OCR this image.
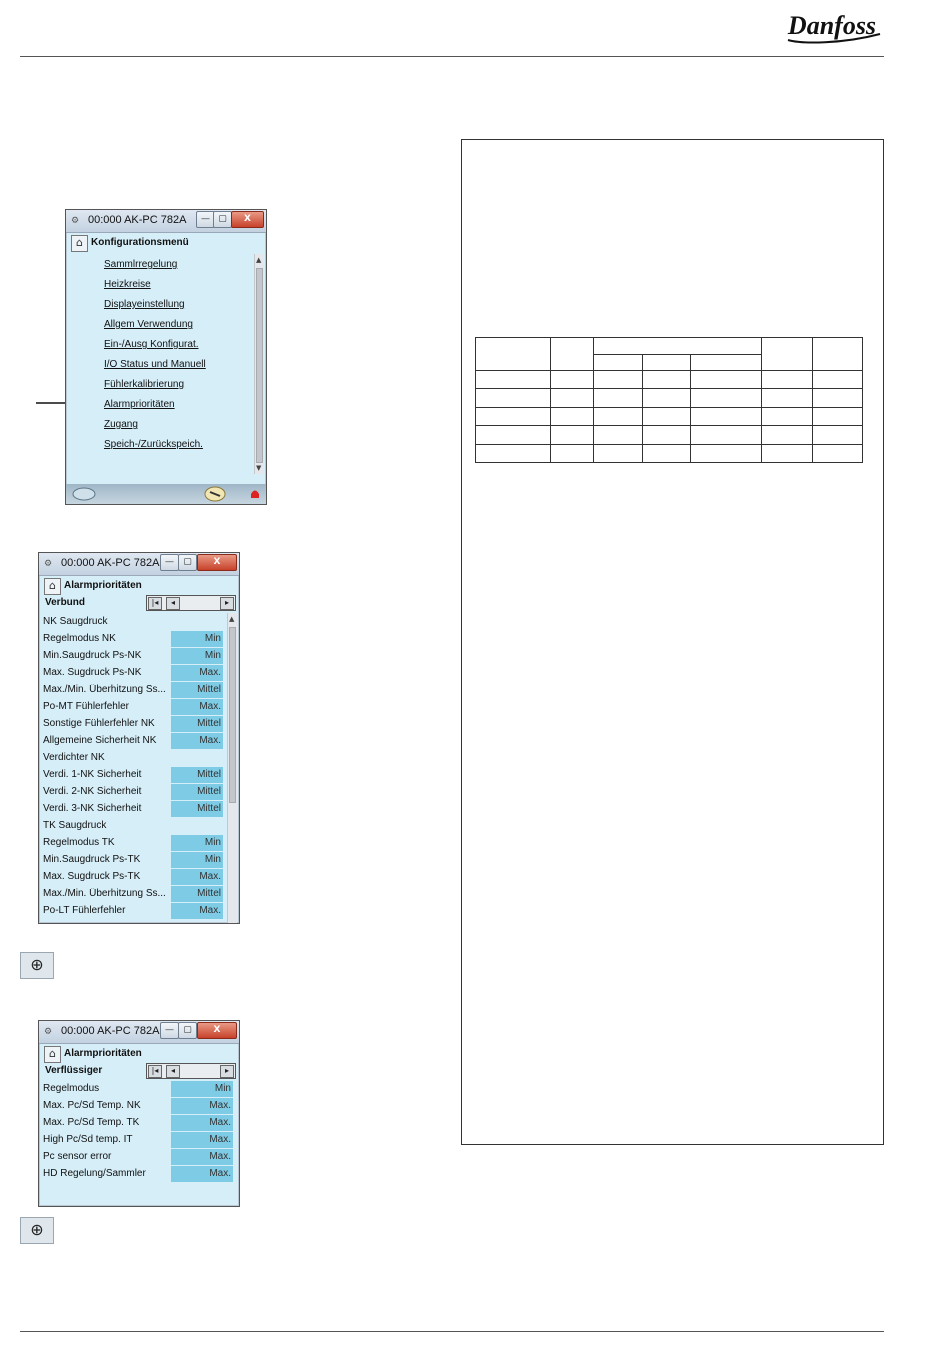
Danfoss
⚙ 00:000 AK-PC 782A	— ▢	X
⌂ Konfigurationsmenü
Sammlrregelung
Heizkreise
Displayeinstellung
Allgem Verwendung
Ein-/Ausg Konfigurat.
I/O Status und Manuell
Fühlerkalibrierung
Alarmprioritäten
Zugang
Speich-/Zurückspeich.
▲
▼
⚙ 00:000 AK-PC 782A —	▢	X
⌂ Alarmprioritäten
Verbund	|◂	◂	▸
NK Saugdruck
Regelmodus NK	Min
Min.Saugdruck Ps-NK	Min
Max. Sugdruck Ps-NK	Max.
Max./Min. Überhitzung Ss...	Mittel
Po-MT Fühlerfehler	Max.
Sonstige Fühlerfehler NK	Mittel
Allgemeine Sicherheit NK	Max.
Verdichter NK
Verdi. 1-NK Sicherheit	Mittel
Verdi. 2-NK Sicherheit	Mittel
Verdi. 3-NK Sicherheit	Mittel
TK Saugdruck
Regelmodus TK	Min
Min.Saugdruck Ps-TK	Min
Max. Sugdruck Ps-TK	Max.
Max./Min. Überhitzung Ss...	Mittel
Po-LT Fühlerfehler	Max.
▲
⊕
⚙ 00:000 AK-PC 782A —	▢	X
⌂ Alarmprioritäten
Verflüssiger	|◂	◂	▸
Regelmodus	Min
Max. Pc/Sd Temp. NK	Max.
Max. Pc/Sd Temp. TK	Max.
High Pc/Sd temp. IT	Max.
Pc sensor error	Max.
HD Regelung/Sammler	Max.
⊕
